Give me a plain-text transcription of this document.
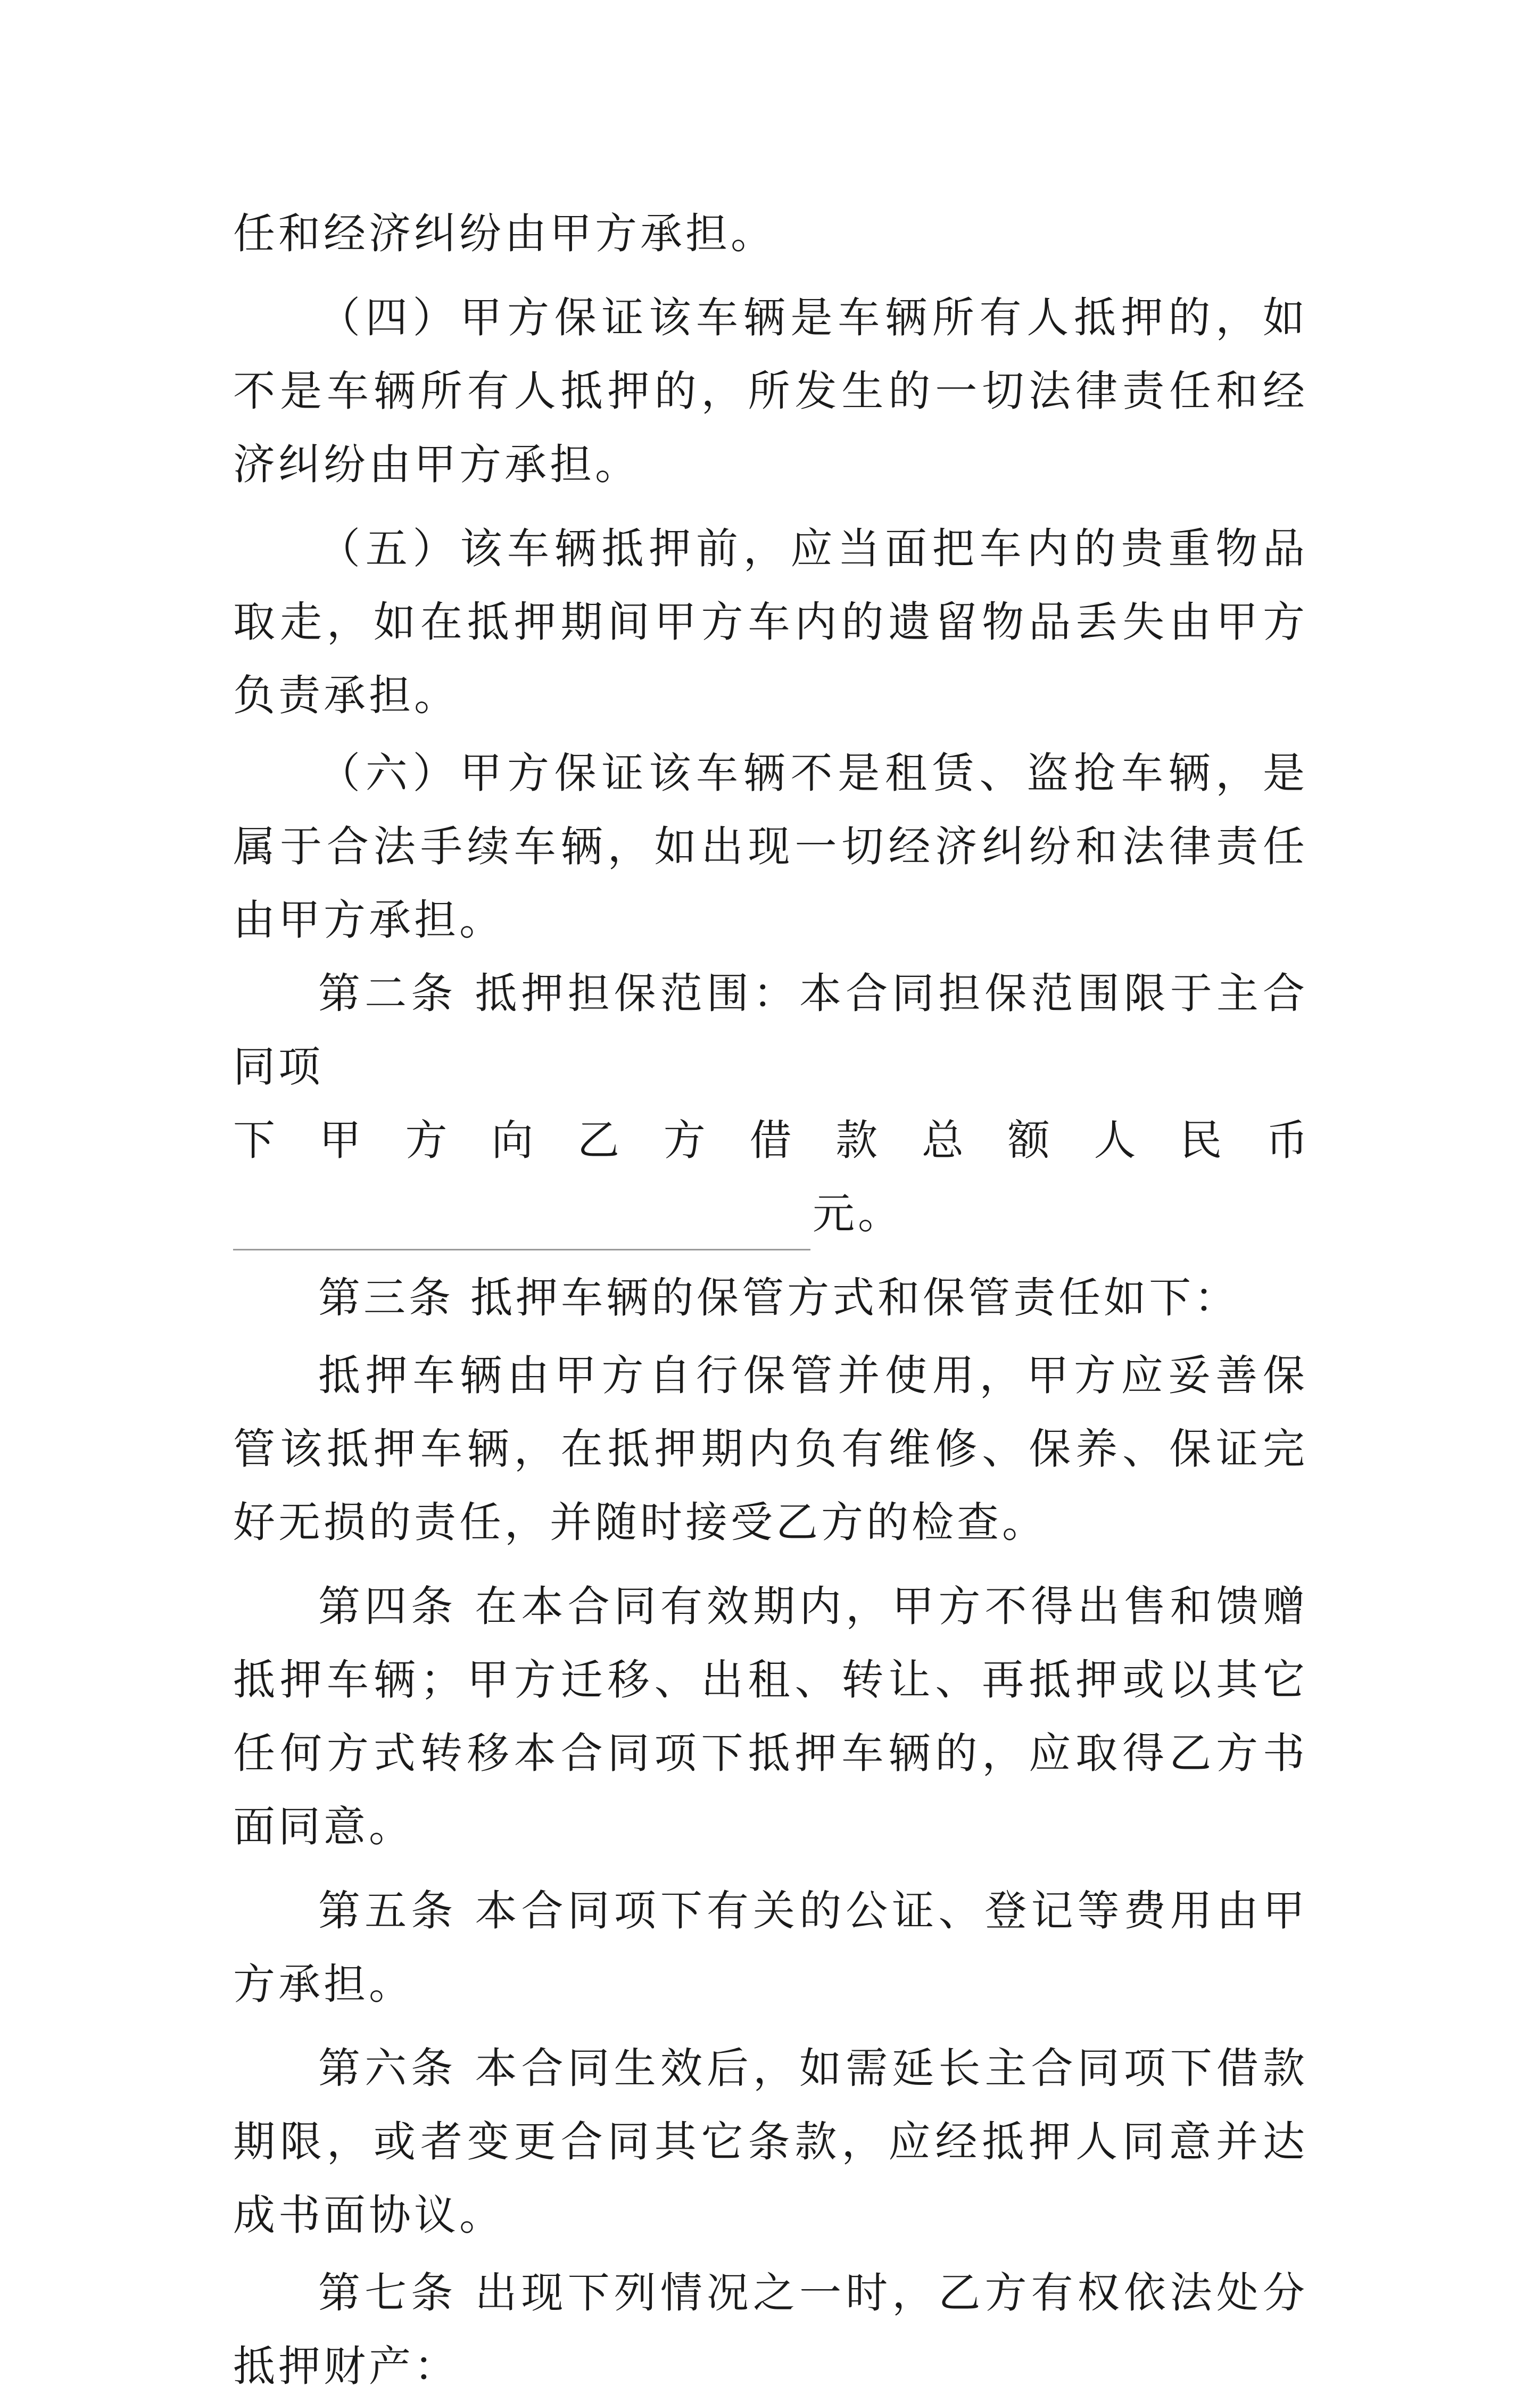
任和经济纠纷由甲方承担。

（四）甲方保证该车辆是车辆所有人抵押的，如不是车辆所有人抵押的，所发生的一切法律责任和经济纠纷由甲方承担。

（五）该车辆抵押前，应当面把车内的贵重物品取走，如在抵押期间甲方车内的遗留物品丢失由甲方负责承担。

（六）甲方保证该车辆不是租赁、盗抢车辆，是属于合法手续车辆，如出现一切经济纠纷和法律责任由甲方承担。

第二条 抵押担保范围：本合同担保范围限于主合同项

下 甲 方 向 乙 方 借 款 总 额 人 民 币
元。

第三条 抵押车辆的保管方式和保管责任如下：

抵押车辆由甲方自行保管并使用，甲方应妥善保管该抵押车辆，在抵押期内负有维修、保养、保证完好无损的责任，并随时接受乙方的检查。

第四条 在本合同有效期内，甲方不得出售和馈赠抵押车辆；甲方迁移、出租、转让、再抵押或以其它任何方式转移本合同项下抵押车辆的，应取得乙方书面同意。

第五条 本合同项下有关的公证、登记等费用由甲方承担。

第六条 本合同生效后，如需延长主合同项下借款期限，或者变更合同其它条款，应经抵押人同意并达成书面协议。

第七条 出现下列情况之一时，乙方有权依法处分抵押财产：
